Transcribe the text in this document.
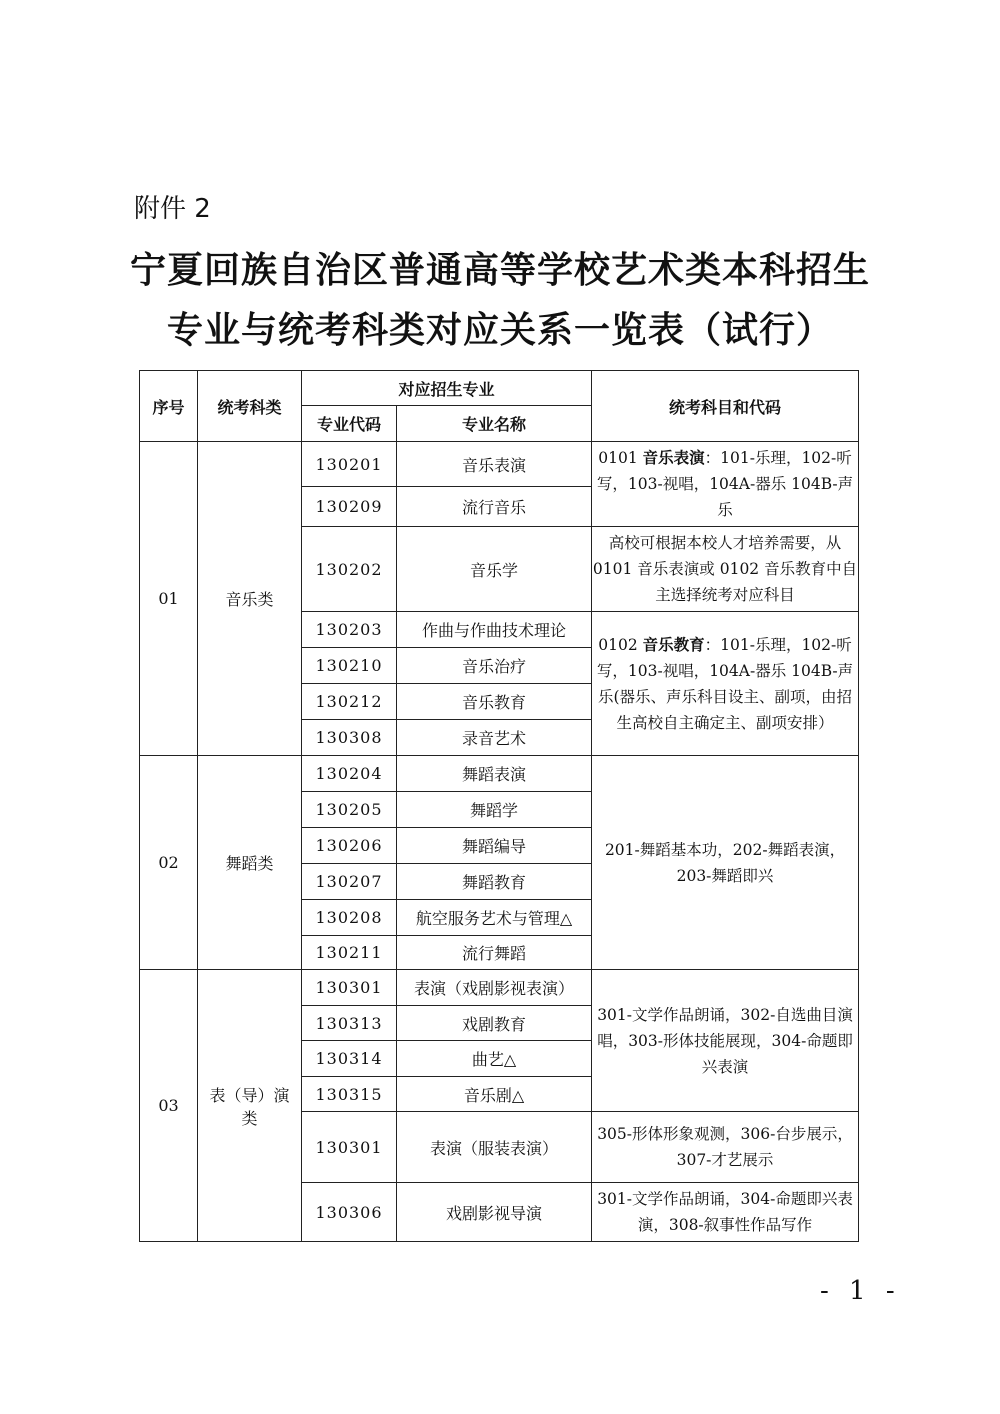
附件 2
宁夏回族自治区普通高等学校艺术类本科招生
专业与统考科类对应关系一览表（试行）
序号	统考科类	对应招生专业		统考科目和代码
		专业代码	专业名称	
01	音乐类	130201	音乐表演	0101 音乐表演：101-乐理，102-听写，103-视唱，104A-器乐 104B-声乐
		130209	流行音乐	
		130202	音乐学	高校可根据本校人才培养需要，从 0101 音乐表演或 0102 音乐教育中自主选择统考对应科目
		130203	作曲与作曲技术理论	0102 音乐教育：101-乐理，102-听写，103-视唱，104A-器乐 104B-声乐(器乐、声乐科目设主、副项，由招生高校自主确定主、副项安排）
		130210	音乐治疗	
		130212	音乐教育	
		130308	录音艺术	
02	舞蹈类	130204	舞蹈表演	201-舞蹈基本功，202-舞蹈表演，203-舞蹈即兴
		130205	舞蹈学	
		130206	舞蹈编导	
		130207	舞蹈教育	
		130208	航空服务艺术与管理△	
		130211	流行舞蹈	
03	表（导）演类	130301	表演（戏剧影视表演）	301-文学作品朗诵，302-自选曲目演唱，303-形体技能展现，304-命题即兴表演
		130313	戏剧教育	
		130314	曲艺△	
		130315	音乐剧△	
		130301	表演（服装表演）	305-形体形象观测，306-台步展示，307-才艺展示
		130306	戏剧影视导演	301-文学作品朗诵，304-命题即兴表演，308-叙事性作品写作
- 1 -
